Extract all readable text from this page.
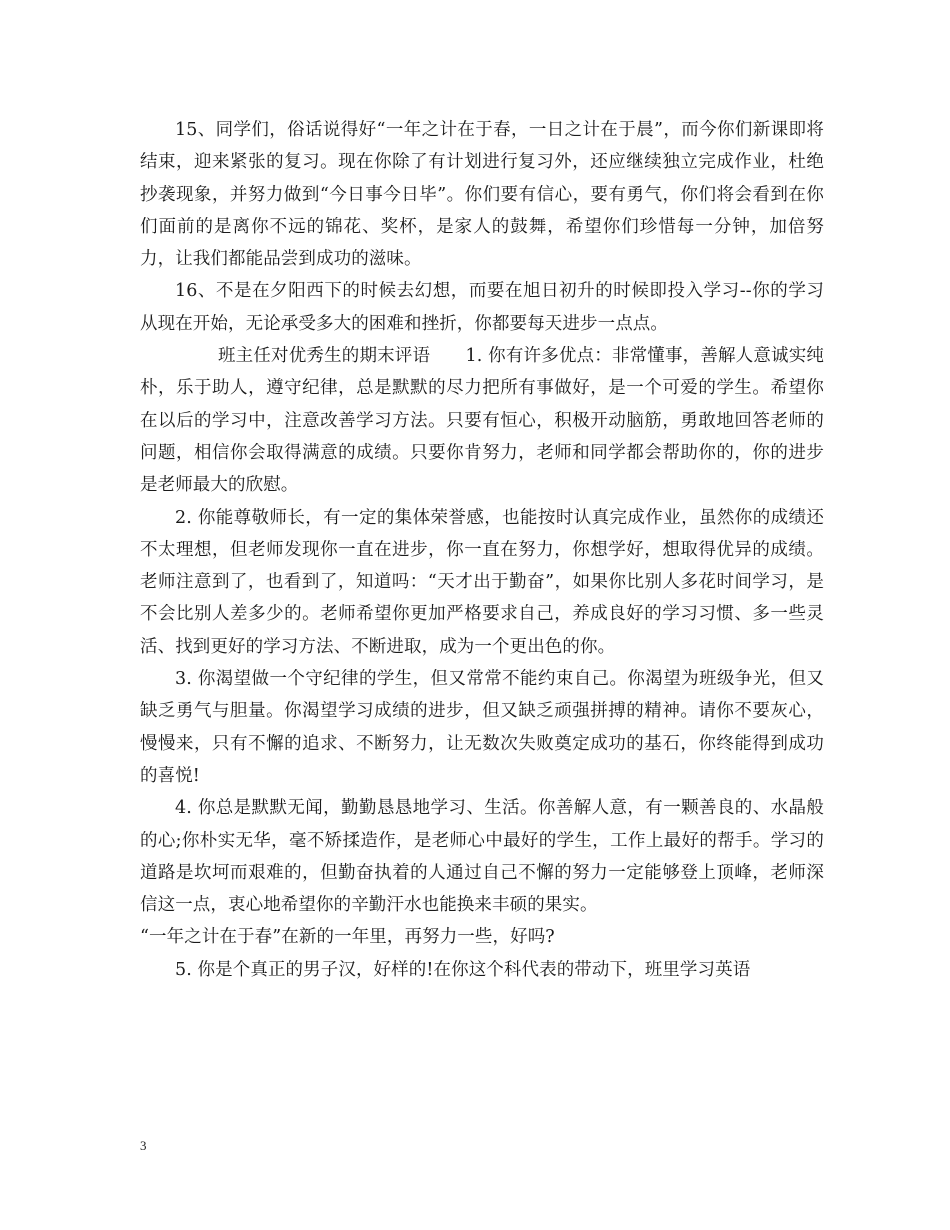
15、同学们，俗话说得好“一年之计在于春，一日之计在于晨”，而今你们新课即将结束，迎来紧张的复习。现在你除了有计划进行复习外，还应继续独立完成作业，杜绝抄袭现象，并努力做到“今日事今日毕”。你们要有信心，要有勇气，你们将会看到在你们面前的是离你不远的锦花、奖杯，是家人的鼓舞，希望你们珍惜每一分钟，加倍努力，让我们都能品尝到成功的滋味。

16、不是在夕阳西下的时候去幻想，而要在旭日初升的时候即投入学习--你的学习从现在开始，无论承受多大的困难和挫折，你都要每天进步一点点。

班主任对优秀生的期末评语　　1. 你有许多优点：非常懂事，善解人意诚实纯朴，乐于助人，遵守纪律，总是默默的尽力把所有事做好，是一个可爱的学生。希望你在以后的学习中，注意改善学习方法。只要有恒心，积极开动脑筋，勇敢地回答老师的问题，相信你会取得满意的成绩。只要你肯努力，老师和同学都会帮助你的，你的进步是老师最大的欣慰。

2. 你能尊敬师长，有一定的集体荣誉感，也能按时认真完成作业，虽然你的成绩还不太理想，但老师发现你一直在进步，你一直在努力，你想学好，想取得优异的成绩。老师注意到了，也看到了，知道吗：“天才出于勤奋”，如果你比别人多花时间学习，是不会比别人差多少的。老师希望你更加严格要求自己，养成良好的学习习惯、多一些灵活、找到更好的学习方法、不断进取，成为一个更出色的你。

3. 你渴望做一个守纪律的学生，但又常常不能约束自己。你渴望为班级争光，但又缺乏勇气与胆量。你渴望学习成绩的进步，但又缺乏顽强拼搏的精神。请你不要灰心，慢慢来，只有不懈的追求、不断努力，让无数次失败奠定成功的基石，你终能得到成功的喜悦!

4. 你总是默默无闻，勤勤恳恳地学习、生活。你善解人意，有一颗善良的、水晶般的心;你朴实无华，毫不矫揉造作，是老师心中最好的学生，工作上最好的帮手。学习的道路是坎坷而艰难的，但勤奋执着的人通过自己不懈的努力一定能够登上顶峰，老师深信这一点，衷心地希望你的辛勤汗水也能换来丰硕的果实。

“一年之计在于春”在新的一年里，再努力一些，好吗?

5. 你是个真正的男子汉，好样的!在你这个科代表的带动下，班里学习英语

3
